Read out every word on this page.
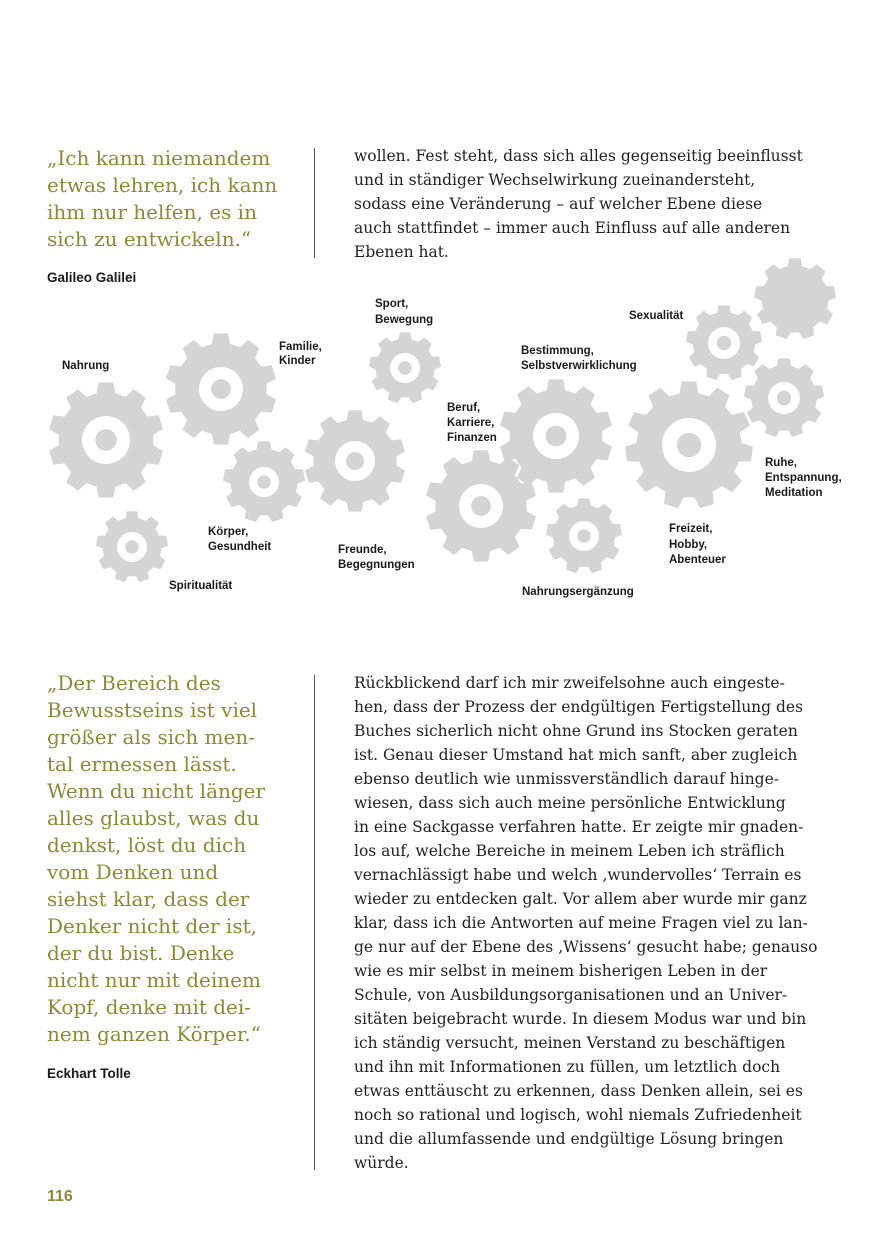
„Ich kann niemandem
etwas lehren, ich kann
ihm nur helfen, es in
sich zu entwickeln.“
Galileo Galilei
wollen. Fest steht, dass sich alles gegenseitig beeinflusst
und in ständiger Wechselwirkung zueinandersteht,
sodass eine Veränderung – auf welcher Ebene diese
auch stattfindet – immer auch Einfluss auf alle anderen
Ebenen hat.
Nahrung
Familie, Kinder
Sport, Bewegung
Bestimmung, Selbstverwirklichung
Sexualität
Beruf, Karriere, Finanzen
Ruhe, Entspannung, Meditation
Körper, Gesundheit	Freunde, Begegnungen
Freizeit, Hobby, Abenteuer
Spiritualität	Nahrungsergänzung
?
„Der Bereich des
Bewusstseins ist viel
größer als sich men-
tal ermessen lässt.
Wenn du nicht länger
alles glaubst, was du
denkst, löst du dich
vom Denken und
siehst klar, dass der
Denker nicht der ist,
der du bist. Denke
nicht nur mit deinem
Kopf, denke mit dei-
nem ganzen Körper.“
Eckhart Tolle
Rückblickend darf ich mir zweifelsohne auch eingeste-
hen, dass der Prozess der endgültigen Fertigstellung des
Buches sicherlich nicht ohne Grund ins Stocken geraten
ist. Genau dieser Umstand hat mich sanft, aber zugleich
ebenso deutlich wie unmissverständlich darauf hinge-
wiesen, dass sich auch meine persönliche Entwicklung
in eine Sackgasse verfahren hatte. Er zeigte mir gnaden-
los auf, welche Bereiche in meinem Leben ich sträflich
vernachlässigt habe und welch ‚wundervolles‘ Terrain es
wieder zu entdecken galt. Vor allem aber wurde mir ganz
klar, dass ich die Antworten auf meine Fragen viel zu lan-
ge nur auf der Ebene des ‚Wissens‘ gesucht habe; genauso
wie es mir selbst in meinem bisherigen Leben in der
Schule, von Ausbildungsorganisationen und an Univer-
sitäten beigebracht wurde. In diesem Modus war und bin
ich ständig versucht, meinen Verstand zu beschäftigen
und ihn mit Informationen zu füllen, um letztlich doch
etwas enttäuscht zu erkennen, dass Denken allein, sei es
noch so rational und logisch, wohl niemals Zufriedenheit
und die allumfassende und endgültige Lösung bringen
würde.
116
